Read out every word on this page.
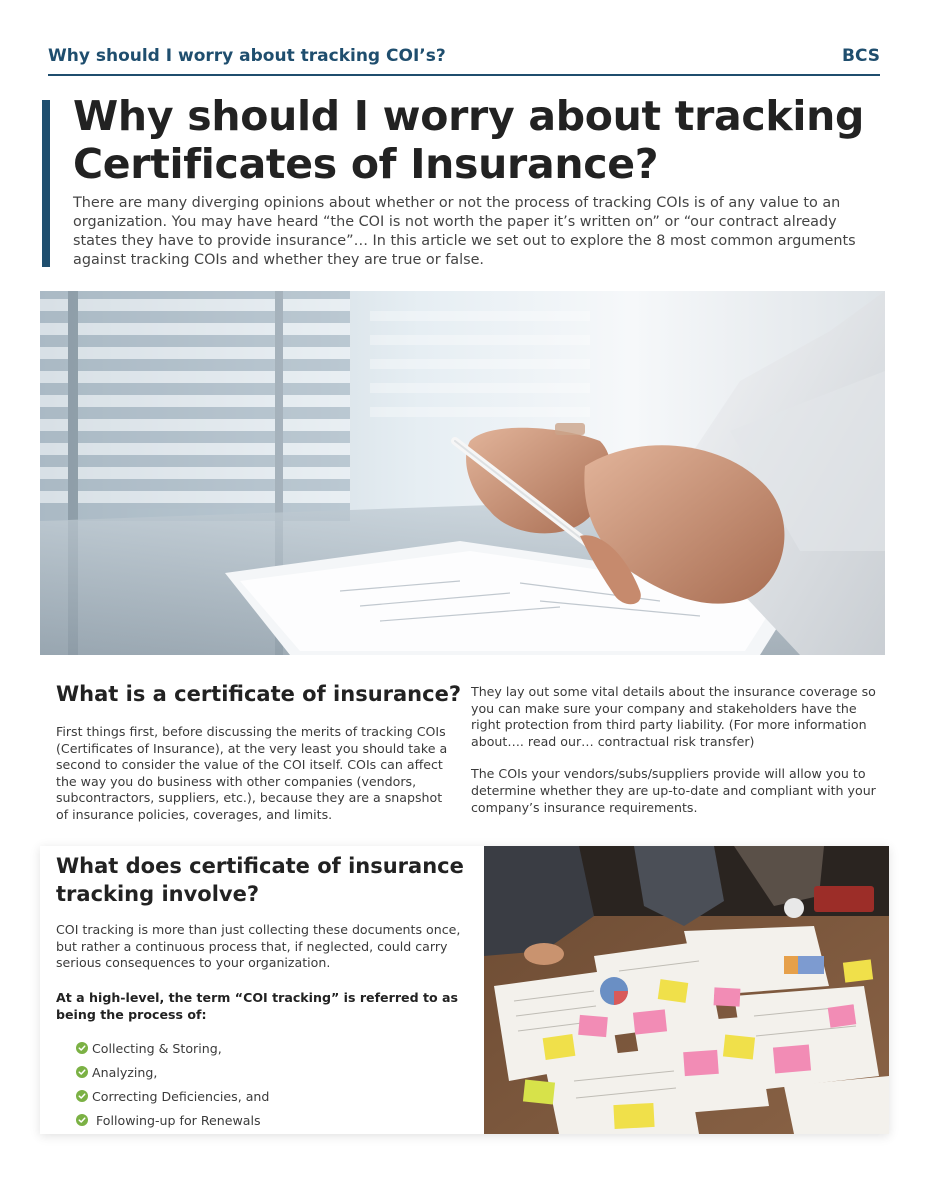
Why should I worry about tracking COI’s?	BCS
Why should I worry about tracking
Certificates of Insurance?

There are many diverging opinions about whether or not the process of tracking COIs is of any value to an organization. You may have heard “the COI is not worth the paper it’s written on” or “our contract already states they have to provide insurance”… In this article we set out to explore the 8 most common arguments against tracking COIs and whether they are true or false.

What is a certificate of insurance?

First things first, before discussing the merits of tracking COIs (Certificates of Insurance), at the very least you should take a second to consider the value of the COI itself. COIs can affect the way you do business with other companies (vendors, subcontractors, suppliers, etc.), because they are a snapshot of insurance policies, coverages, and limits.

They lay out some vital details about the insurance coverage so you can make sure your company and stakeholders have the right protection from third party liability. (For more information about…. read our… contractual risk transfer)

The COIs your vendors/subs/suppliers provide will allow you to determine whether they are up-to-date and compliant with your company’s insurance requirements.

What does certificate of insurance tracking involve?

COI tracking is more than just collecting these documents once, but rather a continuous process that, if neglected, could carry serious consequences to your organization.

At a high-level, the term “COI tracking” is referred to as being the process of:

Collecting & Storing,
Analyzing,
Correcting Deficiencies, and
Following-up for Renewals
